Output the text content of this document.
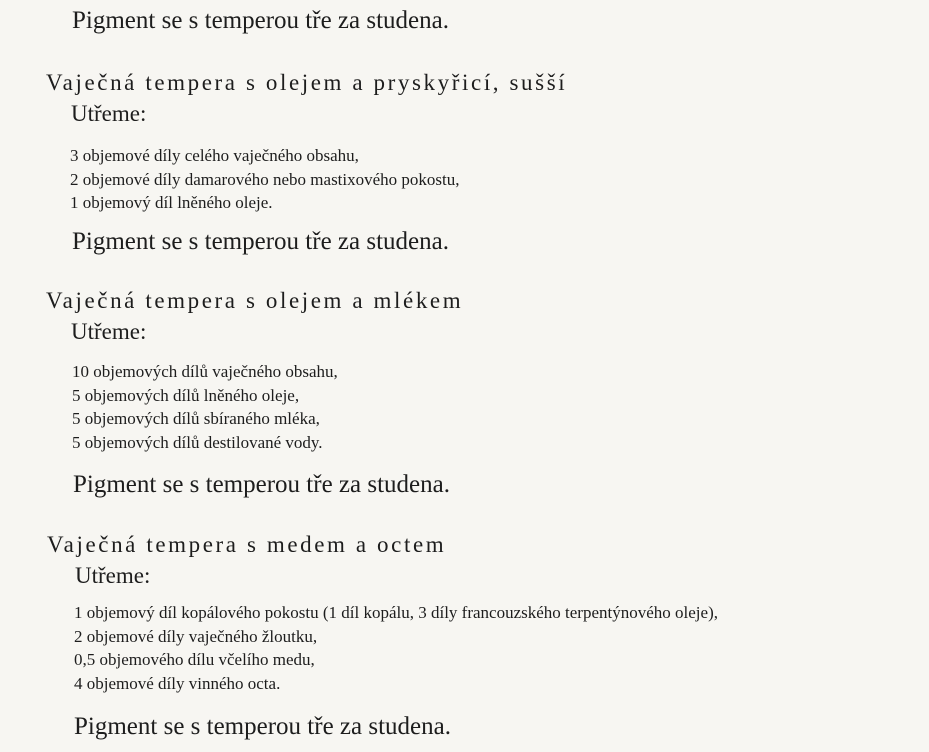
Pigment se s temperou tře za studena.
Vaječná tempera s olejem a pryskyřicí, sušší
Utřeme:
3 objemové díly celého vaječného obsahu,
2 objemové díly damarového nebo mastixového pokostu,
1 objemový díl lněného oleje.
Pigment se s temperou tře za studena.
Vaječná tempera s olejem a mlékem
Utřeme:
10 objemových dílů vaječného obsahu,
5 objemových dílů lněného oleje,
5 objemových dílů sbíraného mléka,
5 objemových dílů destilované vody.
Pigment se s temperou tře za studena.
Vaječná tempera s medem a octem
Utřeme:
1 objemový díl kopálového pokostu (1 díl kopálu, 3 díly francouzského terpentýnového oleje),
2 objemové díly vaječného žloutku,
0,5 objemového dílu včelího medu,
4 objemové díly vinného octa.
Pigment se s temperou tře za studena.
